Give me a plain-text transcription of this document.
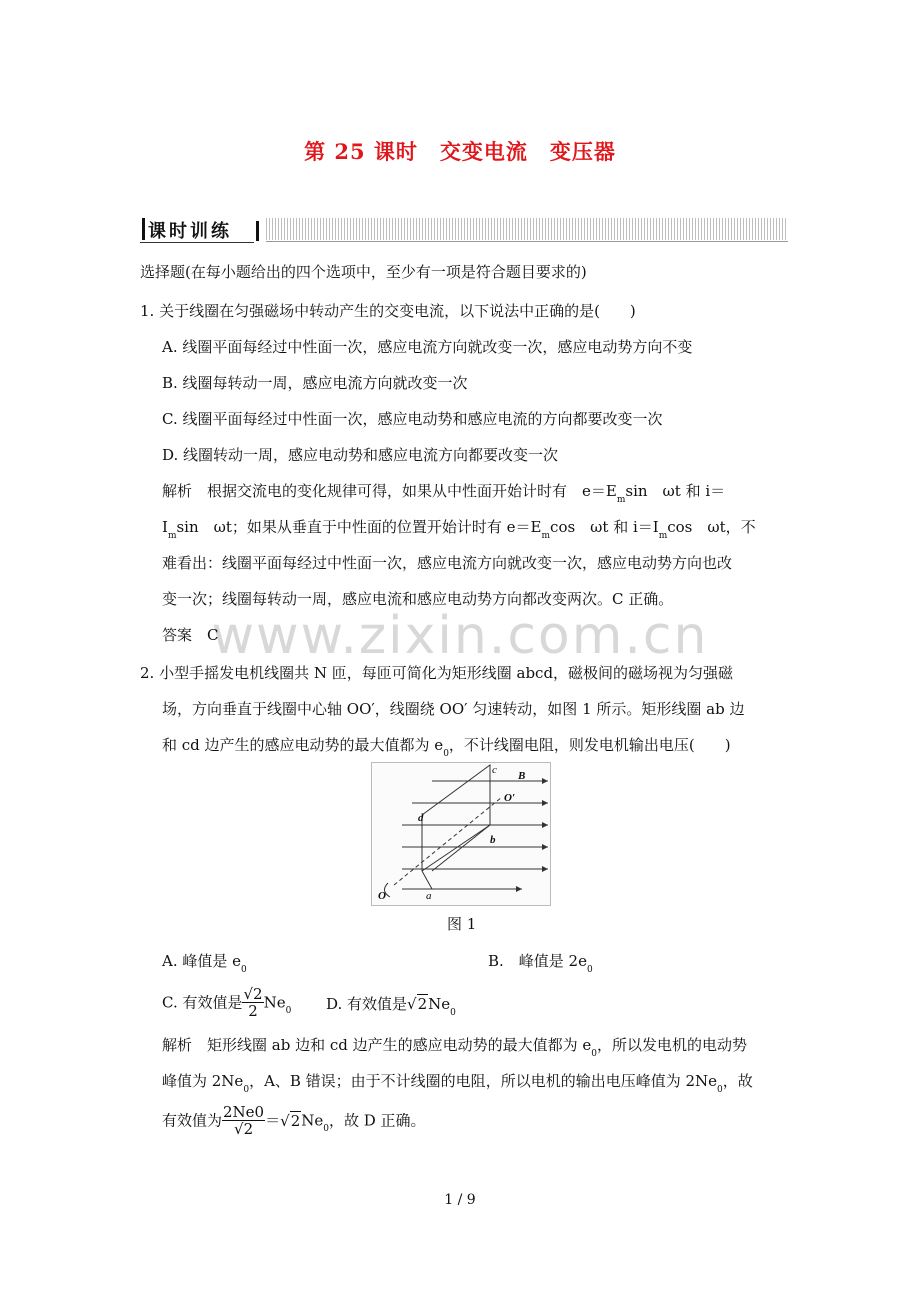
第 25 课时　交变电流　变压器
课时训练
www.zixin.com.cn
选择题(在每小题给出的四个选项中，至少有一项是符合题目要求的)
1. 关于线圈在匀强磁场中转动产生的交变电流，以下说法中正确的是(　　)
A. 线圈平面每经过中性面一次，感应电流方向就改变一次，感应电动势方向不变
B. 线圈每转动一周，感应电流方向就改变一次
C. 线圈平面每经过中性面一次，感应电动势和感应电流的方向都要改变一次
D. 线圈转动一周，感应电动势和感应电流方向都要改变一次
解析　根据交流电的变化规律可得，如果从中性面开始计时有　$e=E_m\sin$　ωt 和 i＝
$I_m\sin$　ωt；如果从垂直于中性面的位置开始计时有 $e=E_m\cos$　ωt 和 $i=I_m\cos$　ωt，不
难看出：线圈平面每经过中性面一次，感应电流方向就改变一次，感应电动势方向也改
变一次；线圈每转动一周，感应电流和感应电动势方向都改变两次。C 正确。
答案　C
2. 小型手摇发电机线圈共 N 匝，每匝可简化为矩形线圈 abcd，磁极间的磁场视为匀强磁
场，方向垂直于线圈中心轴 OO′，线圈绕 OO′ 匀速转动，如图 1 所示。矩形线圈 ab 边
和 cd 边产生的感应电动势的最大值都为 $e_0$，不计线圈电阻，则发电机输出电压(　　)
c B
O′
d
b
O	a
图 1
A. 峰值是 $e_0$	B.　峰值是 $2e_0$
C. 有效值是 $\frac{√2}{2} Ne_0$ D. 有效值是$√2Ne_0$
解析　矩形线圈 ab 边和 cd 边产生的感应电动势的最大值都为 $e_0$，所以发电机的电动势
峰值为 $2Ne_0$，A、B 错误；由于不计线圈的电阻，所以电机的输出电压峰值为 $2Ne_0$，故
有效值为 $\frac{2Ne0}{√2} =√2Ne_0$，故 D 正确。
1 / 9
